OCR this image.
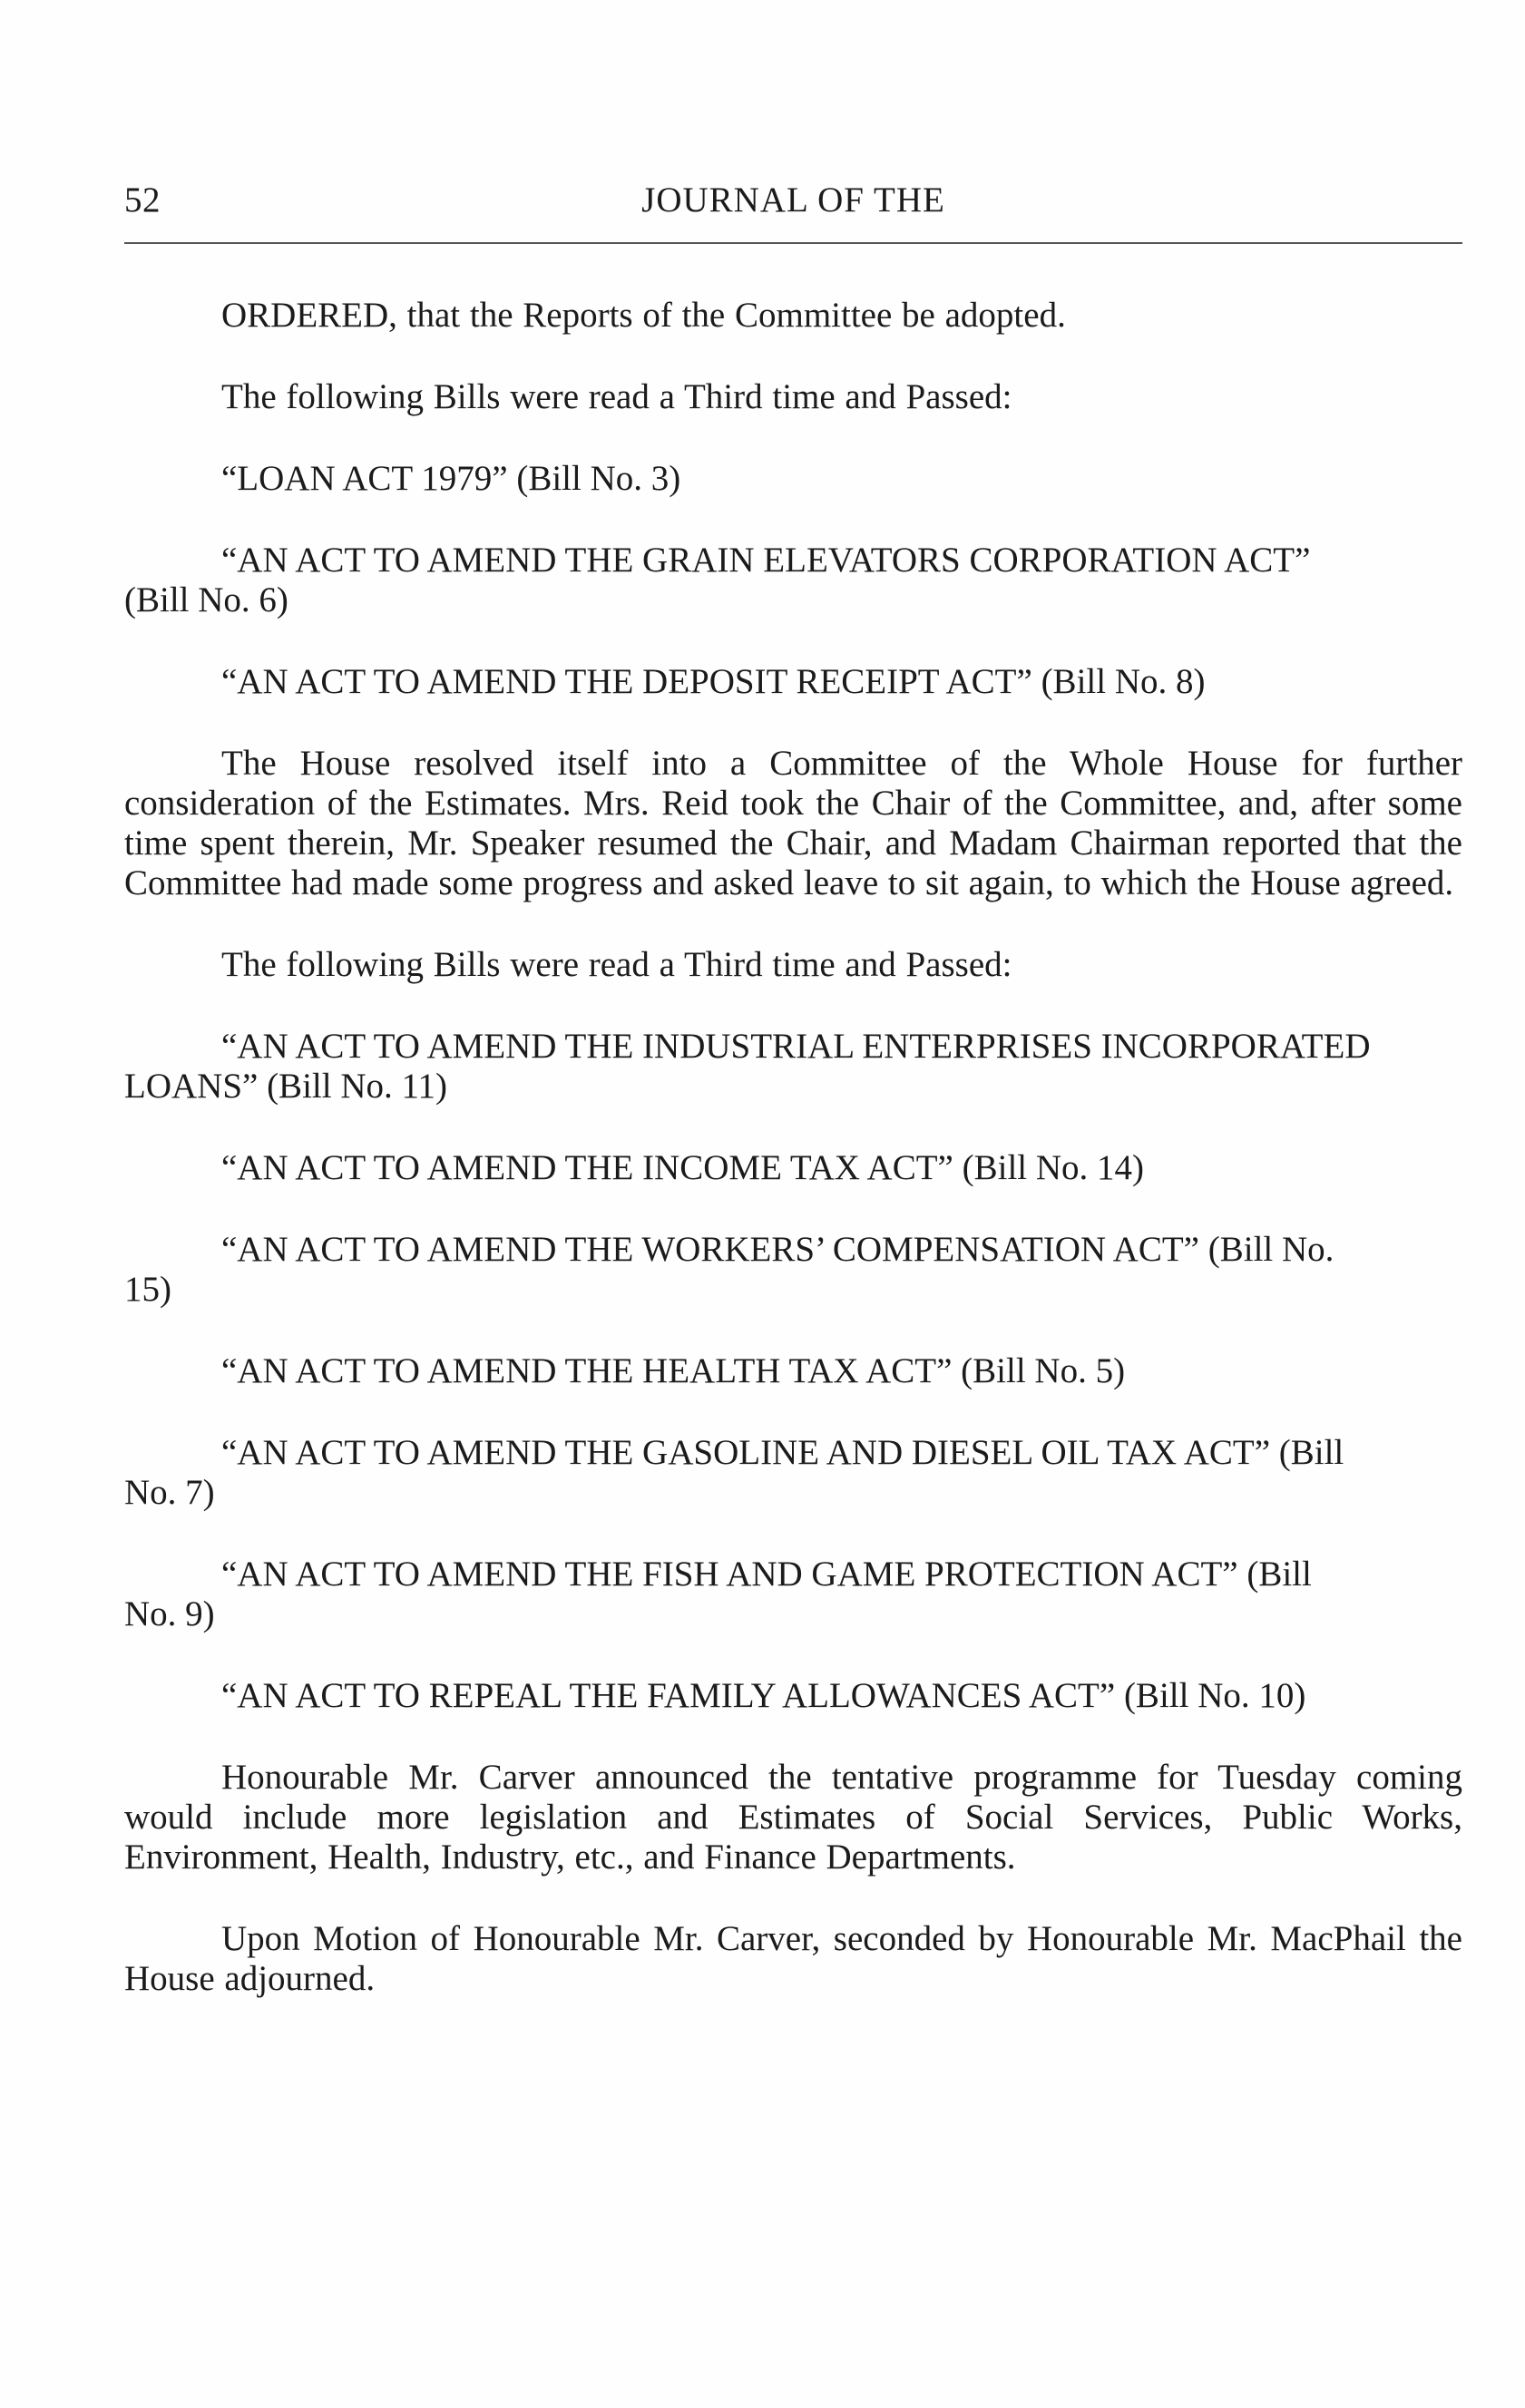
52	JOURNAL OF THE

ORDERED, that the Reports of the Committee be adopted.

The following Bills were read a Third time and Passed:

“LOAN ACT 1979” (Bill No. 3)

“AN ACT TO AMEND THE GRAIN ELEVATORS CORPORATION ACT”

(Bill No. 6)

“AN ACT TO AMEND THE DEPOSIT RECEIPT ACT” (Bill No. 8)

The House resolved itself into a Committee of the Whole House for further consideration of the Estimates. Mrs. Reid took the Chair of the Committee, and, after some time spent therein, Mr. Speaker resumed the Chair, and Madam Chairman reported that the Committee had made some progress and asked leave to sit again, to which the House agreed.

The following Bills were read a Third time and Passed:

“AN ACT TO AMEND THE INDUSTRIAL ENTERPRISES INCORPORATED

LOANS” (Bill No. 11)

“AN ACT TO AMEND THE INCOME TAX ACT” (Bill No. 14)

“AN ACT TO AMEND THE WORKERS’ COMPENSATION ACT” (Bill No.

15)

“AN ACT TO AMEND THE HEALTH TAX ACT” (Bill No. 5)

“AN ACT TO AMEND THE GASOLINE AND DIESEL OIL TAX ACT” (Bill

No. 7)

“AN ACT TO AMEND THE FISH AND GAME PROTECTION ACT” (Bill

No. 9)

“AN ACT TO REPEAL THE FAMILY ALLOWANCES ACT” (Bill No. 10)

Honourable Mr. Carver announced the tentative programme for Tuesday coming would include more legislation and Estimates of Social Services, Public Works, Environment, Health, Industry, etc., and Finance Departments.

Upon Motion of Honourable Mr. Carver, seconded by Honourable Mr. MacPhail the House adjourned.
